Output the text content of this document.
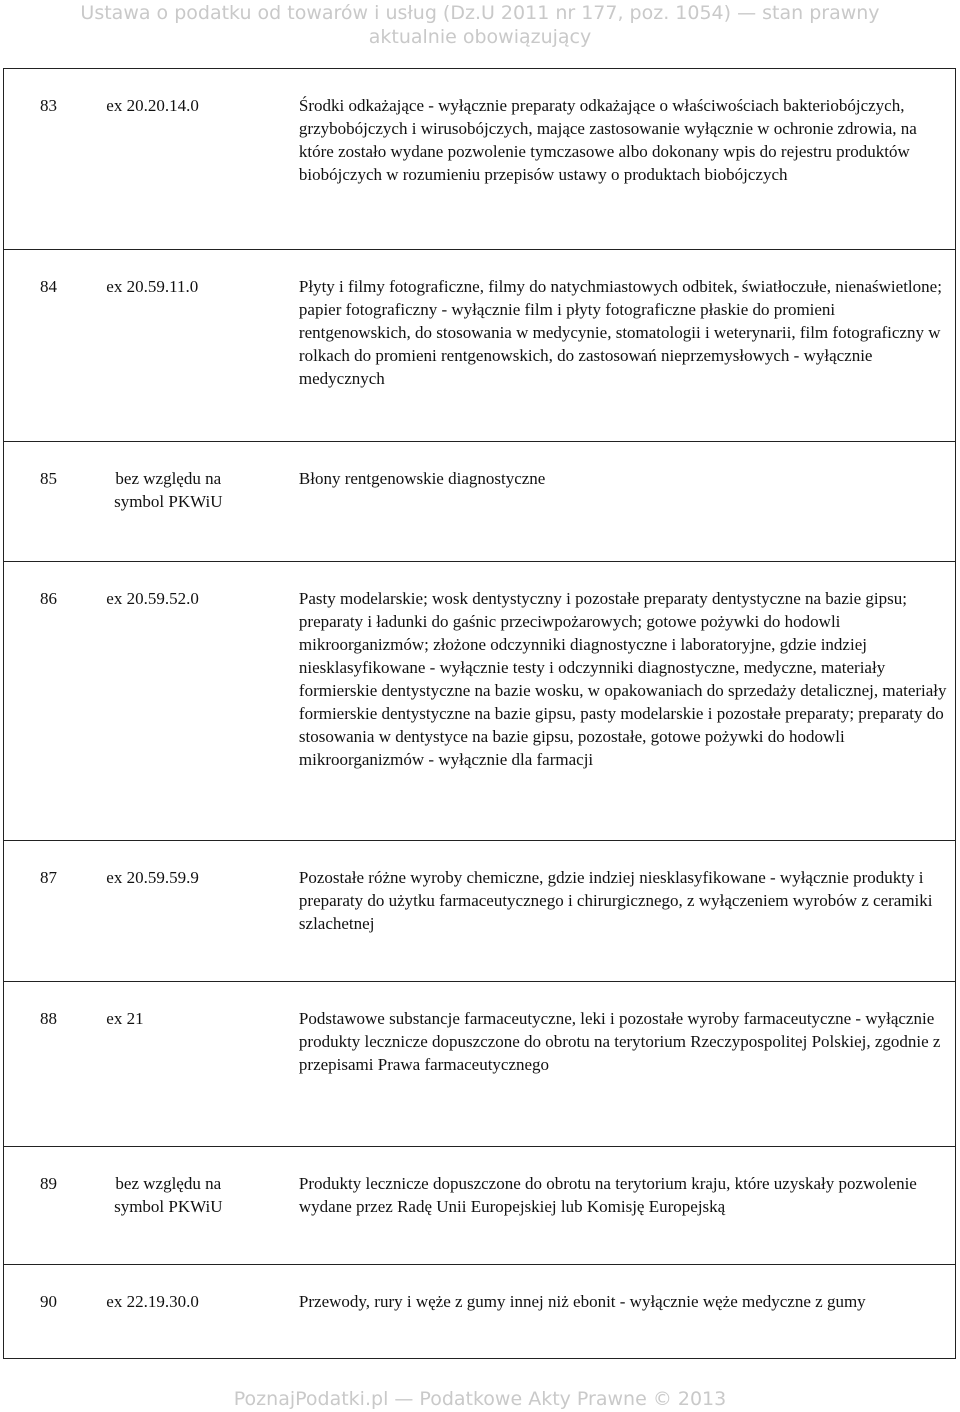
Ustawa o podatku od towarów i usług (Dz.U 2011 nr 177, poz. 1054) — stan prawny
aktualnie obowiązujący
83	ex 20.20.14.0	Środki odkażające - wyłącznie preparaty odkażające o właściwościach bakteriobójczych, grzybobójczych i wirusobójczych, mające zastosowanie wyłącznie w ochronie zdrowia, na które zostało wydane pozwolenie tymczasowe albo dokonany wpis do rejestru produktów biobójczych w rozumieniu przepisów ustawy o produktach biobójczych

84	ex 20.59.11.0	Płyty i filmy fotograficzne, filmy do natychmiastowych odbitek, światłoczułe, nienaświetlone; papier fotograficzny - wyłącznie film i płyty fotograficzne płaskie do promieni rentgenowskich, do stosowania w medycynie, stomatologii i weterynarii, film fotograficzny w rolkach do promieni rentgenowskich, do zastosowań nieprzemysłowych - wyłącznie medycznych

85	bez względu na symbol PKWiU	Błony rentgenowskie diagnostyczne

86	ex 20.59.52.0	Pasty modelarskie; wosk dentystyczny i pozostałe preparaty dentystyczne na bazie gipsu; preparaty i ładunki do gaśnic przeciwpożarowych; gotowe pożywki do hodowli mikroorganizmów; złożone odczynniki diagnostyczne i laboratoryjne, gdzie indziej niesklasyfikowane - wyłącznie testy i odczynniki diagnostyczne, medyczne, materiały formierskie dentystyczne na bazie wosku, w opakowaniach do sprzedaży detalicznej, materiały formierskie dentystyczne na bazie gipsu, pasty modelarskie i pozostałe preparaty; preparaty do stosowania w dentystyce na bazie gipsu, pozostałe, gotowe pożywki do hodowli mikroorganizmów - wyłącznie dla farmacji

87	ex 20.59.59.9	Pozostałe różne wyroby chemiczne, gdzie indziej niesklasyfikowane - wyłącznie produkty i preparaty do użytku farmaceutycznego i chirurgicznego, z wyłączeniem wyrobów z ceramiki szlachetnej

88	ex 21	Podstawowe substancje farmaceutyczne, leki i pozostałe wyroby farmaceutyczne - wyłącznie produkty lecznicze dopuszczone do obrotu na terytorium Rzeczypospolitej Polskiej, zgodnie z przepisami Prawa farmaceutycznego

89	bez względu na symbol PKWiU	Produkty lecznicze dopuszczone do obrotu na terytorium kraju, które uzyskały pozwolenie wydane przez Radę Unii Europejskiej lub Komisję Europejską

90	ex 22.19.30.0	Przewody, rury i węże z gumy innej niż ebonit - wyłącznie węże medyczne z gumy
PoznajPodatki.pl — Podatkowe Akty Prawne © 2013
